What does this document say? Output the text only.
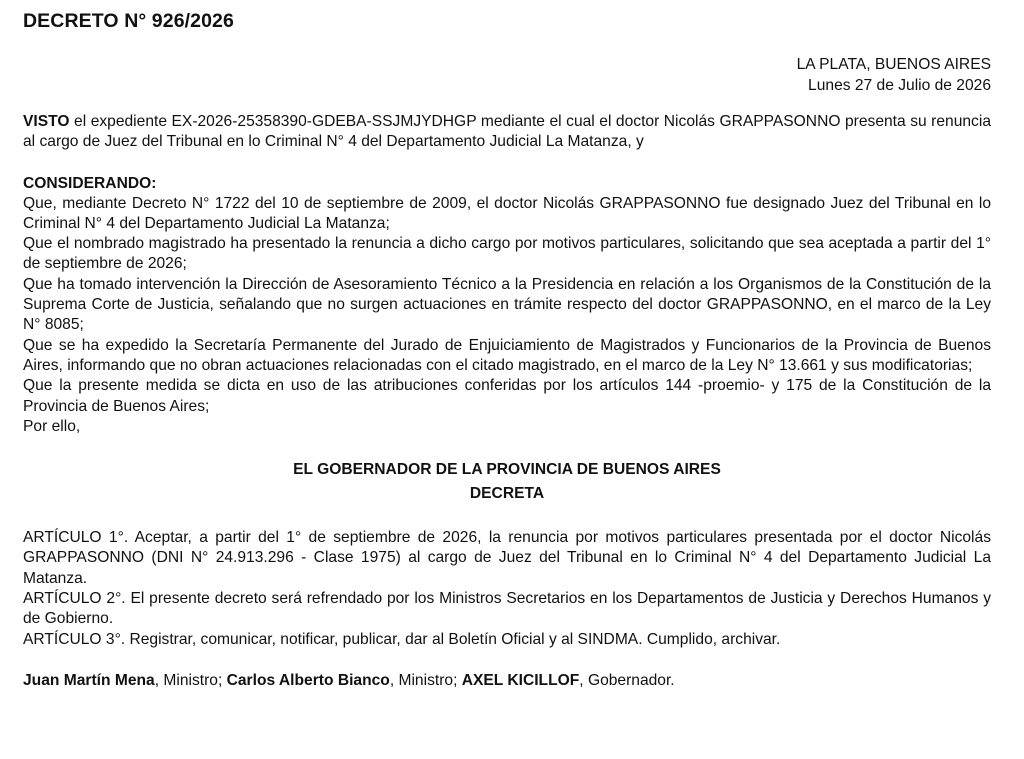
DECRETO N° 926/2026
LA PLATA, BUENOS AIRES
Lunes 27 de Julio de 2026

VISTO el expediente EX-2026-25358390-GDEBA-SSJMJYDHGP mediante el cual el doctor Nicolás GRAPPASONNO presenta su renuncia al cargo de Juez del Tribunal en lo Criminal N° 4 del Departamento Judicial La Matanza, y

CONSIDERANDO:

Que, mediante Decreto N° 1722 del 10 de septiembre de 2009, el doctor Nicolás GRAPPASONNO fue designado Juez del Tribunal en lo Criminal N° 4 del Departamento Judicial La Matanza;

Que el nombrado magistrado ha presentado la renuncia a dicho cargo por motivos particulares, solicitando que sea aceptada a partir del 1° de septiembre de 2026;

Que ha tomado intervención la Dirección de Asesoramiento Técnico a la Presidencia en relación a los Organismos de la Constitución de la Suprema Corte de Justicia, señalando que no surgen actuaciones en trámite respecto del doctor GRAPPASONNO, en el marco de la Ley N° 8085;

Que se ha expedido la Secretaría Permanente del Jurado de Enjuiciamiento de Magistrados y Funcionarios de la Provincia de Buenos Aires, informando que no obran actuaciones relacionadas con el citado magistrado, en el marco de la Ley N° 13.661 y sus modificatorias;

Que la presente medida se dicta en uso de las atribuciones conferidas por los artículos 144 -proemio- y 175 de la Constitución de la Provincia de Buenos Aires;

Por ello,

EL GOBERNADOR DE LA PROVINCIA DE BUENOS AIRES
DECRETA

ARTÍCULO 1°. Aceptar, a partir del 1° de septiembre de 2026, la renuncia por motivos particulares presentada por el doctor Nicolás GRAPPASONNO (DNI N° 24.913.296 - Clase 1975) al cargo de Juez del Tribunal en lo Criminal N° 4 del Departamento Judicial La Matanza.

ARTÍCULO 2°. El presente decreto será refrendado por los Ministros Secretarios en los Departamentos de Justicia y Derechos Humanos y de Gobierno.

ARTÍCULO 3°. Registrar, comunicar, notificar, publicar, dar al Boletín Oficial y al SINDMA. Cumplido, archivar.

Juan Martín Mena, Ministro; Carlos Alberto Bianco, Ministro; AXEL KICILLOF, Gobernador.
